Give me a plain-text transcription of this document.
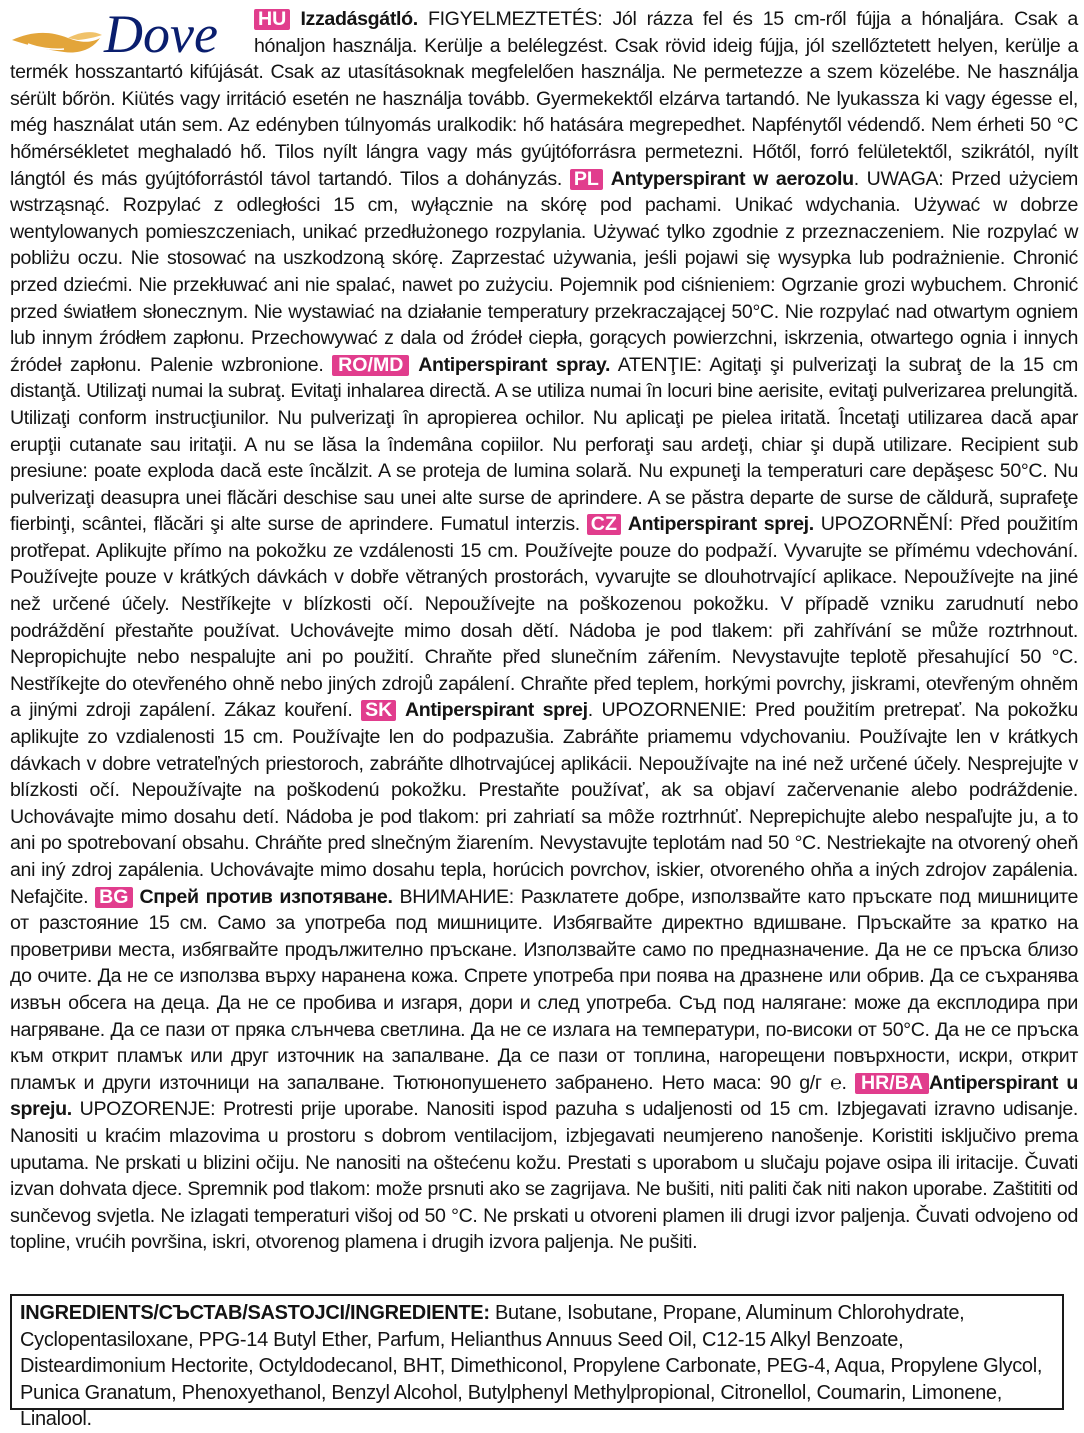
HU Izzadásgátló. FIGYELMEZTETÉS: Jól rázza fel és 15 cm-ről fújja a hónaljára. Csak a hónaljon használja. Kerülje a belélegzést. Csak rövid ideig fújja, jól szellőztetett helyen, kerülje a termék hosszantartó kifújását. Csak az utasításoknak megfelelően használja. Ne permetezze a szem közelébe. Ne használja sérült bőrön. Kiütés vagy irritáció esetén ne használja tovább. Gyermekektől elzárva tartandó. Ne lyukassza ki vagy égesse el, még használat után sem. Az edényben túlnyomás uralkodik: hő hatására megrepedhet. Napfénytől védendő. Nem érheti 50 °C hőmérsékletet meghaladó hő. Tilos nyílt lángra vagy más gyújtóforrásra permetezni. Hőtől, forró felületektől, szikrától, nyílt lángtól és más gyújtóforrástól távol tartandó. Tilos a dohányzás. PL Antyperspirant w aerozolu. UWAGA: Przed użyciem wstrząsnąć. Rozpylać z odległości 15 cm, wyłącznie na skórę pod pachami. Unikać wdychania. Używać w dobrze wentylowanych pomieszczeniach, unikać przedłużonego rozpylania. Używać tylko zgodnie z przeznaczeniem. Nie rozpylać w pobliżu oczu. Nie stosować na uszkodzoną skórę. Zaprzestać używania, jeśli pojawi się wysypka lub podrażnienie. Chronić przed dziećmi. Nie przekłuwać ani nie spalać, nawet po zużyciu. Pojemnik pod ciśnieniem: Ogrzanie grozi wybuchem. Chronić przed światłem słonecznym. Nie wystawiać na działanie temperatury przekraczającej 50°C. Nie rozpylać nad otwartym ogniem lub innym źródłem zapłonu. Przechowywać z dala od źródeł ciepła, gorących powierzchni, iskrzenia, otwartego ognia i innych źródeł zapłonu. Palenie wzbronione. RO/MD Antiperspirant spray. ATENŢIE: Agitaţi şi pulverizaţi la subraţ de la 15 cm distanţă. Utilizaţi numai la subraţ. Evitaţi inhalarea directă. A se utiliza numai în locuri bine aerisite, evitaţi pulverizarea prelungită. Utilizaţi conform instrucţiunilor. Nu pulverizaţi în apropierea ochilor. Nu aplicaţi pe pielea iritată. Încetaţi utilizarea dacă apar erupţii cutanate sau iritaţii. A nu se lăsa la îndemâna copiilor. Nu perforaţi sau ardeţi, chiar şi după utilizare. Recipient sub presiune: poate exploda dacă este încălzit. A se proteja de lumina solară. Nu expuneţi la temperaturi care depăşesc 50°C. Nu pulverizaţi deasupra unei flăcări deschise sau unei alte surse de aprindere. A se păstra departe de surse de căldură, suprafeţe fierbinţi, scântei, flăcări şi alte surse de aprindere. Fumatul interzis. CZ Antiperspirant sprej. UPOZORNĚNÍ: Před použitím protřepat. Aplikujte přímo na pokožku ze vzdálenosti 15 cm. Používejte pouze do podpaží. Vyvarujte se přímému vdechování. Používejte pouze v krátkých dávkách v dobře větraných prostorách, vyvarujte se dlouhotrvající aplikace. Nepoužívejte na jiné než určené účely. Nestříkejte v blízkosti očí. Nepoužívejte na poškozenou pokožku. V případě vzniku zarudnutí nebo podráždění přestaňte používat. Uchovávejte mimo dosah dětí. Nádoba je pod tlakem: při zahřívání se může roztrhnout. Nepropichujte nebo nespalujte ani po použití. Chraňte před slunečním zářením. Nevystavujte teplotě přesahující 50 °C. Nestříkejte do otevřeného ohně nebo jiných zdrojů zapálení. Chraňte před teplem, horkými povrchy, jiskrami, otevřeným ohněm a jinými zdroji zapálení. Zákaz kouření. SK Antiperspirant sprej. UPOZORNENIE: Pred použitím pretrepať. Na pokožku aplikujte zo vzdialenosti 15 cm. Používajte len do podpazušia. Zabráňte priamemu vdychovaniu. Používajte len v krátkych dávkach v dobre vetrateľných priestoroch, zabráňte dlhotrvajúcej aplikácii. Nepoužívajte na iné než určené účely. Nesprejujte v blízkosti očí. Nepoužívajte na poškodenú pokožku. Prestaňte používať, ak sa objaví začervenanie alebo podráždenie. Uchovávajte mimo dosahu detí. Nádoba je pod tlakom: pri zahriatí sa môže roztrhnúť. Neprepichujte alebo nespaľujte ju, a to ani po spotrebovaní obsahu. Chráňte pred slnečným žiarením. Nevystavujte teplotám nad 50 °C. Nestriekajte na otvorený oheň ani iný zdroj zapálenia. Uchovávajte mimo dosahu tepla, horúcich povrchov, iskier, otvoreného ohňa a iných zdrojov zapálenia. Nefajčite. BG Спрей против изпотяване. ВНИМАНИЕ: Разклатете добре, използвайте като пръскате под мишниците от разстояние 15 см. Само за употреба под мишниците. Избягвайте директно вдишване. Пръскайте за кратко на проветриви места, избягвайте продължително пръскане. Използвайте само по предназначение. Да не се пръска близо до очите. Да не се използва върху наранена кожа. Спрете употреба при поява на дразнене или обрив. Да се съхранява извън обсега на деца. Да не се пробива и изгаря, дори и след употреба. Съд под налягане: може да експлодира при нагряване. Да се пази от пряка слънчева светлина. Да не се излага на температури, по-високи от 50°C. Да не се пръска към открит пламък или друг източник на запалване. Да се пази от топлина, нагорещени повърхности, искри, открит пламък и други източници на запалване. Тютюнопушенето забранено. Нето маса: 90 g/г ℮. HR/BA Antiperspirant u spreju. UPOZORENJE: Protresti prije uporabe. Nanositi ispod pazuha s udaljenosti od 15 cm. Izbjegavati izravno udisanje. Nanositi u kraćim mlazovima u prostoru s dobrom ventilacijom, izbjegavati neumjereno nanošenje. Koristiti isključivo prema uputama. Ne prskati u blizini očiju. Ne nanositi na oštećenu kožu. Prestati s uporabom u slučaju pojave osipa ili iritacije. Čuvati izvan dohvata djece. Spremnik pod tlakom: može prsnuti ako se zagrijava. Ne bušiti, niti paliti čak niti nakon uporabe. Zaštititi od sunčevog svjetla. Ne izlagati temperaturi višoj od 50 °C. Ne prskati u otvoreni plamen ili drugi izvor paljenja. Čuvati odvojeno od topline, vrućih površina, iskri, otvorenog plamena i drugih izvora paljenja. Ne pušiti.
Dove
INGREDIENTS/СЪСТАВ/SASTOJCI/INGREDIENTE: Butane, Isobutane, Propane, Aluminum Chlorohydrate, Cyclopentasiloxane, PPG-14 Butyl Ether, Parfum, Helianthus Annuus Seed Oil, C12-15 Alkyl Benzoate, Disteardimonium Hectorite, Octyldodecanol, BHT, Dimethiconol, Propylene Carbonate, PEG-4, Aqua, Propylene Glycol, Punica Granatum, Phenoxyethanol, Benzyl Alcohol, Butylphenyl Methylpropional, Citronellol, Coumarin, Limonene, Linalool.
